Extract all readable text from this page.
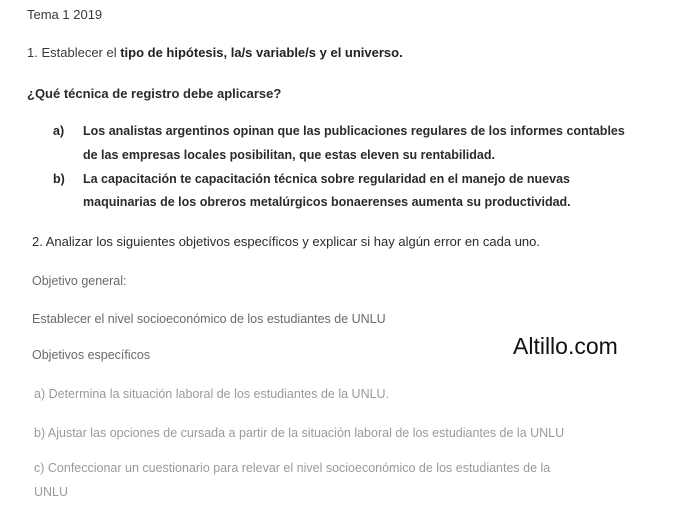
Tema 1 2019
1. Establecer el tipo de hipótesis, la/s variable/s y el universo.
¿Qué técnica de registro debe aplicarse?
a) Los analistas argentinos opinan que las publicaciones regulares de los informes contables
de las empresas locales posibilitan, que estas eleven su rentabilidad.
b) La capacitación te capacitación técnica sobre regularidad en el manejo de nuevas
maquinarias de los obreros metalúrgicos bonaerenses aumenta su productividad.
2. Analizar los siguientes objetivos específicos y explicar si hay algún error en cada uno.
Objetivo general:
Establecer el nivel socioeconómico de los estudiantes de UNLU
Objetivos específicos
a) Determina la situación laboral de los estudiantes de la UNLU.
b) Ajustar las opciones de cursada a partir de la situación laboral de los estudiantes de la UNLU
c) Confeccionar un cuestionario para relevar el nivel socioeconómico de los estudiantes de la
UNLU
Altillo.com
